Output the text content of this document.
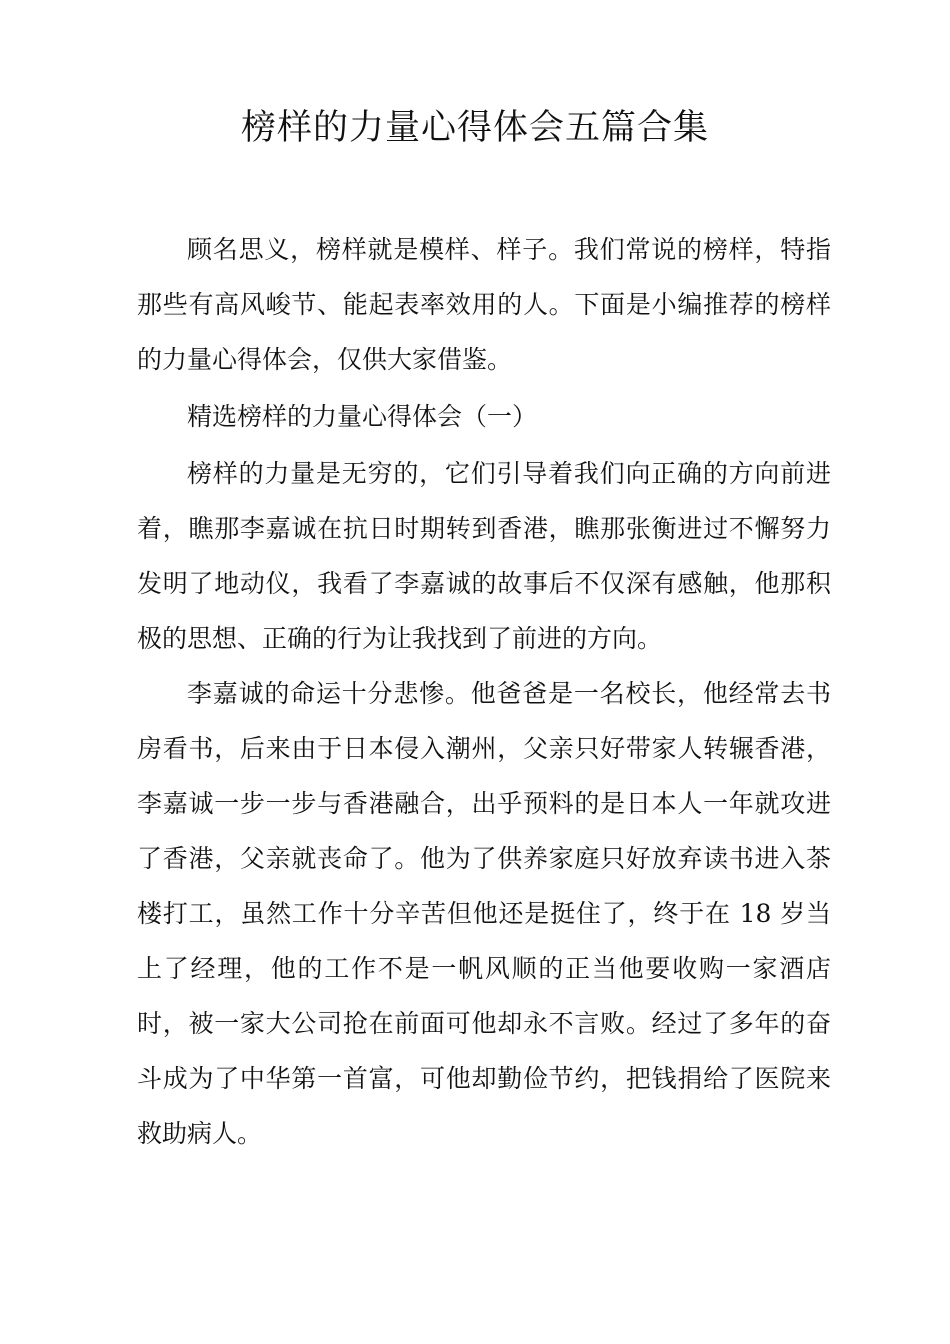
榜样的力量心得体会五篇合集

顾名思义，榜样就是模样、样子。我们常说的榜样，特指那些有高风峻节、能起表率效用的人。下面是小编推荐的榜样的力量心得体会，仅供大家借鉴。

精选榜样的力量心得体会（一）

榜样的力量是无穷的，它们引导着我们向正确的方向前进着，瞧那李嘉诚在抗日时期转到香港，瞧那张衡进过不懈努力发明了地动仪，我看了李嘉诚的故事后不仅深有感触，他那积极的思想、正确的行为让我找到了前进的方向。

李嘉诚的命运十分悲惨。他爸爸是一名校长，他经常去书房看书，后来由于日本侵入潮州，父亲只好带家人转辗香港，李嘉诚一步一步与香港融合，出乎预料的是日本人一年就攻进了香港，父亲就丧命了。他为了供养家庭只好放弃读书进入茶楼打工，虽然工作十分辛苦但他还是挺住了，终于在 18 岁当上了经理，他的工作不是一帆风顺的正当他要收购一家酒店时，被一家大公司抢在前面可他却永不言败。经过了多年的奋斗成为了中华第一首富，可他却勤俭节约，把钱捐给了医院来救助病人。
